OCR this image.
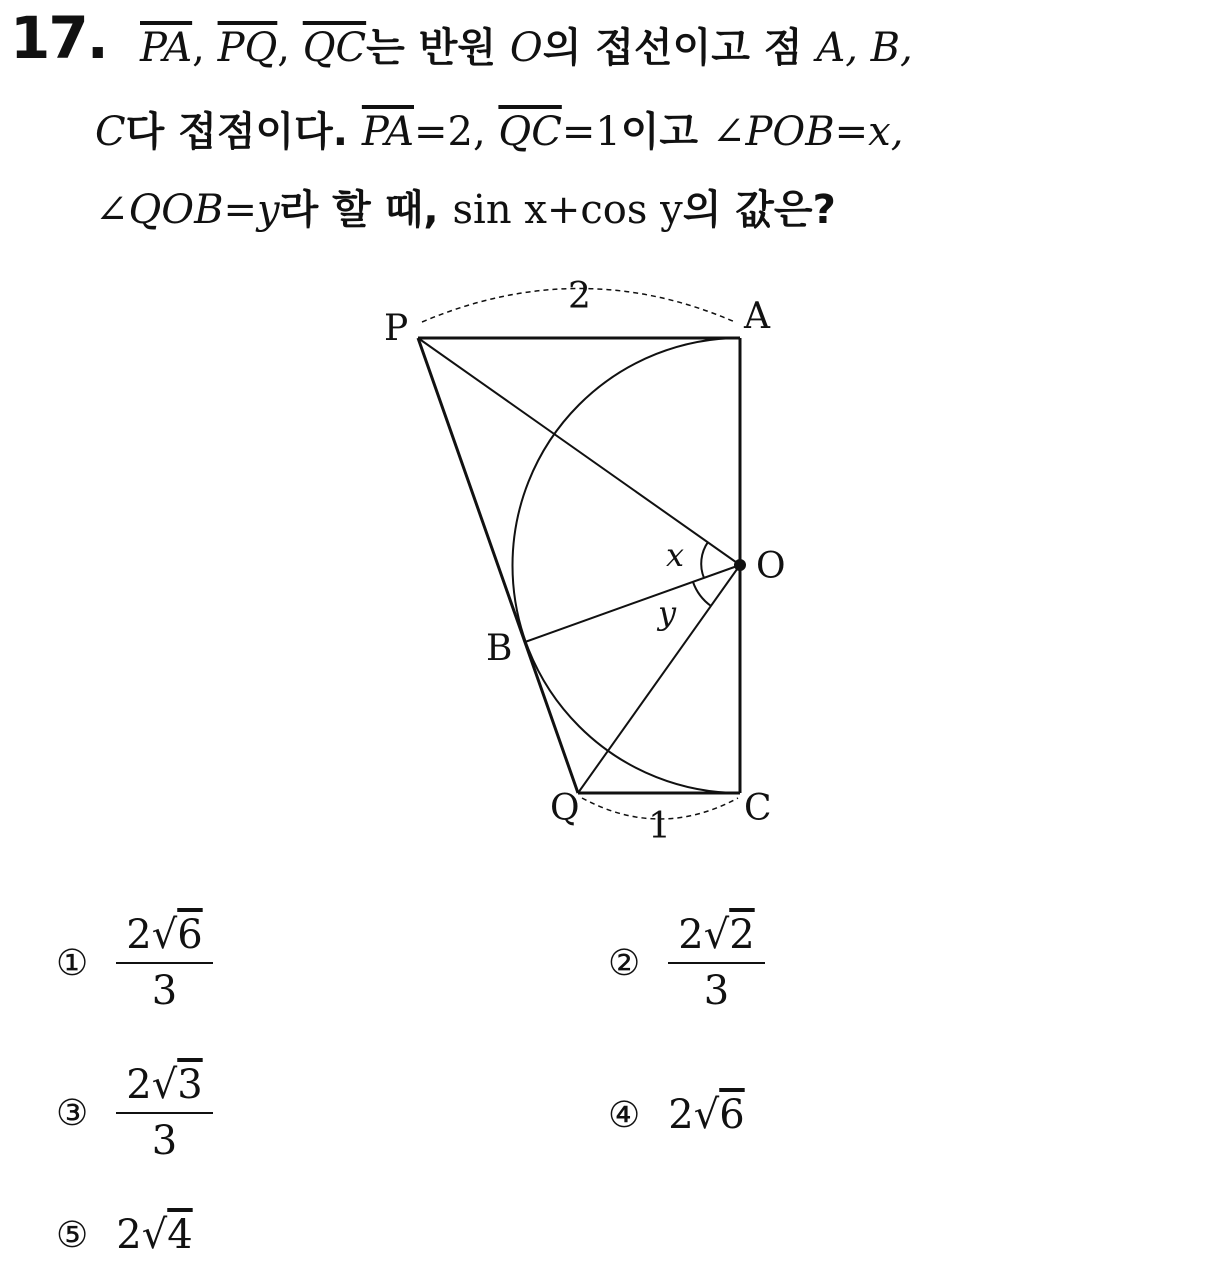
17. $\overline{PA}$, $\overline{PQ}$, $\overline{QC}$는 반원 O의 접선이고 점 A, B,
C다 접점이다. $\overline{PA}=2$, $\overline{QC}=1$이고 ∠POB=x,
∠QOB=y라 할 때, sin x+cos y의 값은?
P	A
O
B
Q	C
2
1
x
y
① $\frac{2√6}{3}$	② $\frac{2√2}{3}$
③ $\frac{2√3}{3}$	④ 2 √ 6
⑤ 2 √ 4
